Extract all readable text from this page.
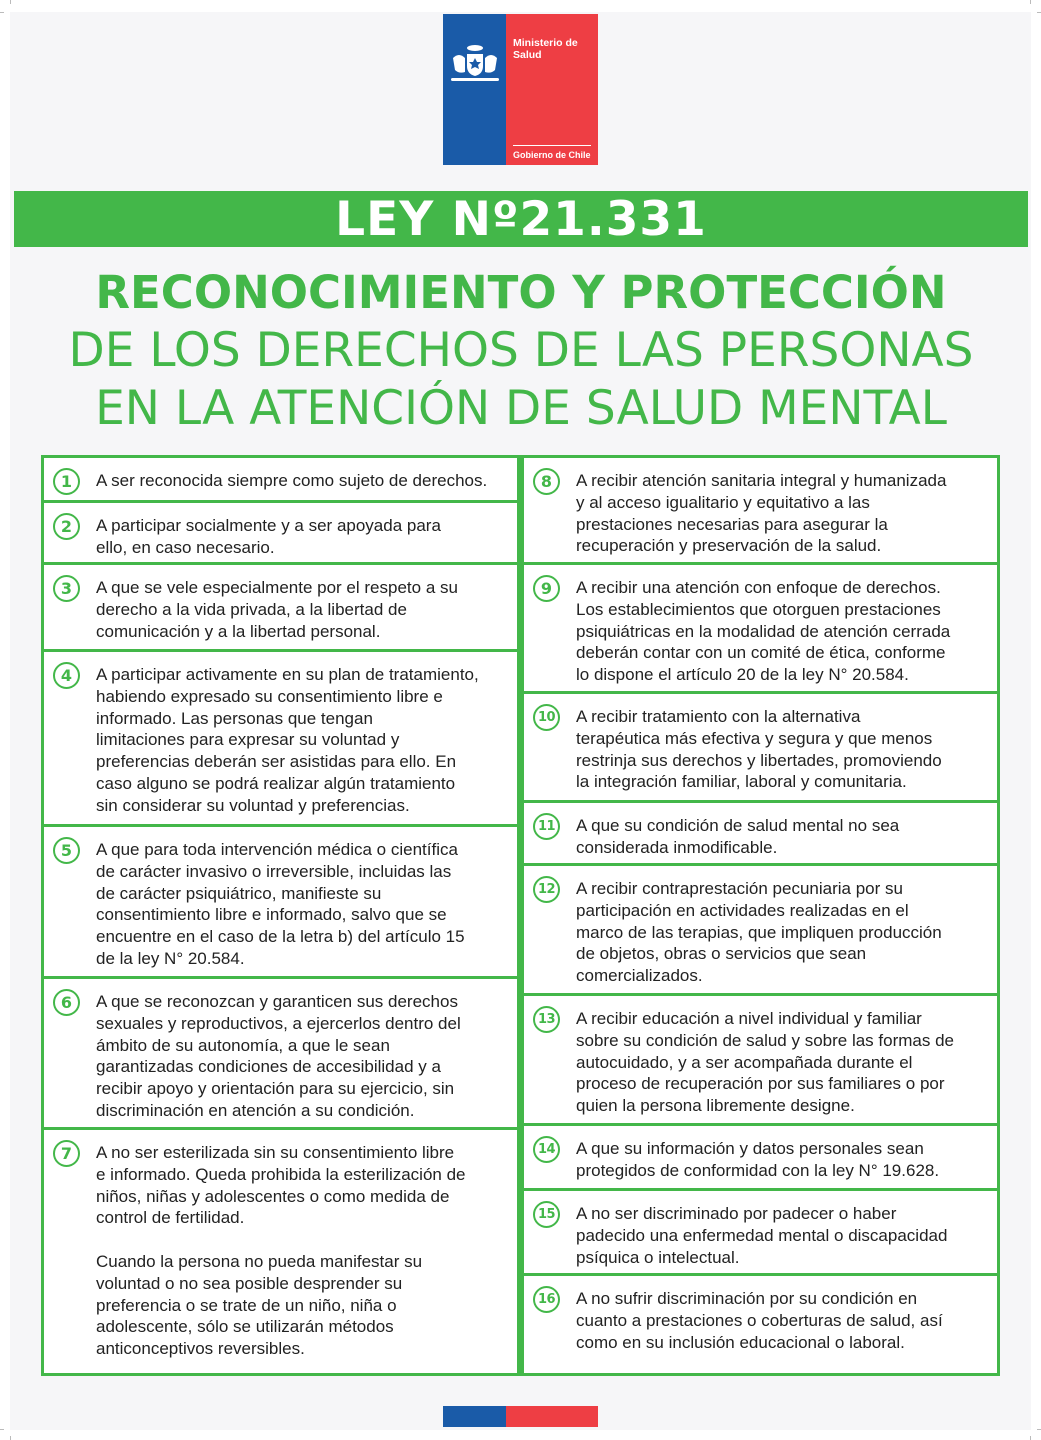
Ministerio de
Salud
Gobierno de Chile
LEY Nº21.331
RECONOCIMIENTO Y PROTECCIÓN
DE LOS DERECHOS DE LAS PERSONAS
EN LA ATENCIÓN DE SALUD MENTAL
1	A ser reconocida siempre como sujeto de derechos.
2	A participar socialmente y a ser apoyada para
ello, en caso necesario.
3	A que se vele especialmente por el respeto a su
derecho a la vida privada, a la libertad de
comunicación y a la libertad personal.
4	A participar activamente en su plan de tratamiento,
habiendo expresado su consentimiento libre e
informado. Las personas que tengan
limitaciones para expresar su voluntad y
preferencias deberán ser asistidas para ello. En
caso alguno se podrá realizar algún tratamiento
sin considerar su voluntad y preferencias.
5	A que para toda intervención médica o científica
de carácter invasivo o irreversible, incluidas las
de carácter psiquiátrico, manifieste su
consentimiento libre e informado, salvo que se
encuentre en el caso de la letra b) del artículo 15
de la ley N° 20.584.
6	A que se reconozcan y garanticen sus derechos
sexuales y reproductivos, a ejercerlos dentro del
ámbito de su autonomía, a que le sean
garantizadas condiciones de accesibilidad y a
recibir apoyo y orientación para su ejercicio, sin
discriminación en atención a su condición.
7	A no ser esterilizada sin su consentimiento libre
e informado. Queda prohibida la esterilización de
niños, niñas y adolescentes o como medida de
control de fertilidad.

Cuando la persona no pueda manifestar su
voluntad o no sea posible desprender su
preferencia o se trate de un niño, niña o
adolescente, sólo se utilizarán métodos
anticonceptivos reversibles.
8	A recibir atención sanitaria integral y humanizada
y al acceso igualitario y equitativo a las
prestaciones necesarias para asegurar la
recuperación y preservación de la salud.
9	A recibir una atención con enfoque de derechos.
Los establecimientos que otorguen prestaciones
psiquiátricas en la modalidad de atención cerrada
deberán contar con un comité de ética, conforme
lo dispone el artículo 20 de la ley N° 20.584.
10 A recibir tratamiento con la alternativa
terapéutica más efectiva y segura y que menos
restrinja sus derechos y libertades, promoviendo
la integración familiar, laboral y comunitaria.
11 A que su condición de salud mental no sea
considerada inmodificable.
12 A recibir contraprestación pecuniaria por su
participación en actividades realizadas en el
marco de las terapias, que impliquen producción
de objetos, obras o servicios que sean
comercializados.
13 A recibir educación a nivel individual y familiar
sobre su condición de salud y sobre las formas de
autocuidado, y a ser acompañada durante el
proceso de recuperación por sus familiares o por
quien la persona libremente designe.
14 A que su información y datos personales sean
protegidos de conformidad con la ley N° 19.628.
15 A no ser discriminado por padecer o haber
padecido una enfermedad mental o discapacidad
psíquica o intelectual.
16 A no sufrir discriminación por su condición en
cuanto a prestaciones o coberturas de salud, así
como en su inclusión educacional o laboral.
